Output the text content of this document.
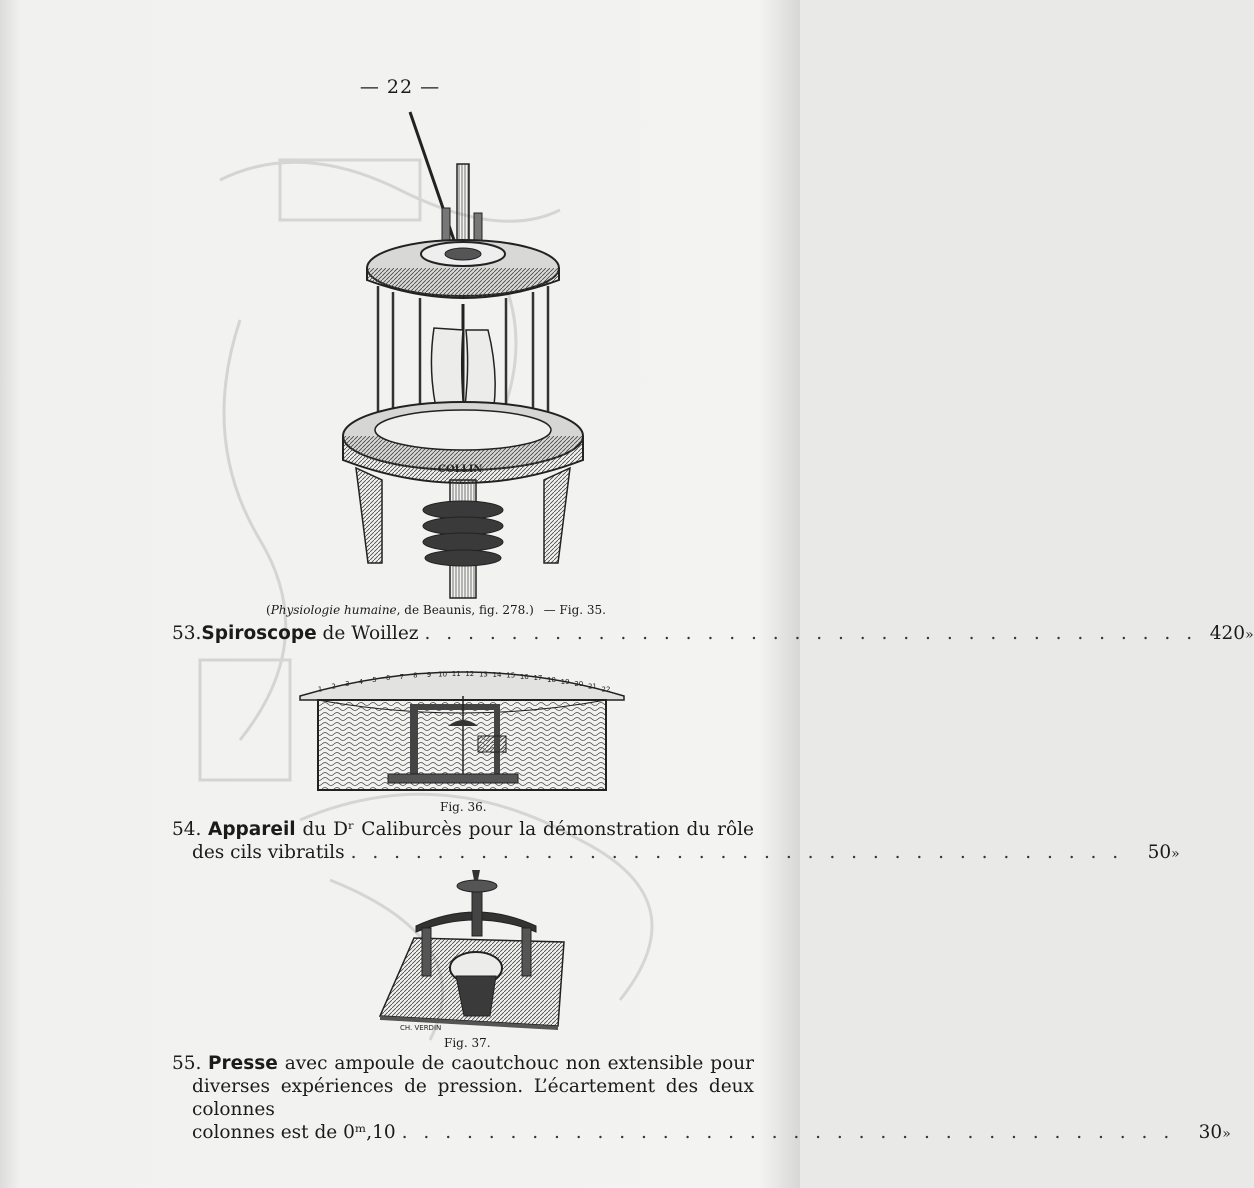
— 22 —
COLLIN
(Physiologie humaine, de Beaunis, fig. 278.) — Fig. 35.
53. Spiroscope
de Woillez . . . . . . . . . . . . . . . . . . . . . . . . . . . . . . . . . . . . 420 »
1 2 3 4 5 6 7 8 9 10 11 12 13 14 15 16 17 18 19 20 21 22
Fig. 36.
54. Appareil du Dʳ Caliburcès pour la démonstration du rôle
des cils vibratils . . . . . . . . . . . . . . . . . . . . . . . . . . . . . . . . . . . .	50 »
CH. VERDIN
Fig. 37.
55. Presse avec ampoule de caoutchouc non extensible pour
diverses expériences de pression. L’écartement des deux colonnes
colonnes est de 0ᵐ,10 . . . . . . . . . . . . . . . . . . . . . . . . . . . . . . . . . . . .	30 »
